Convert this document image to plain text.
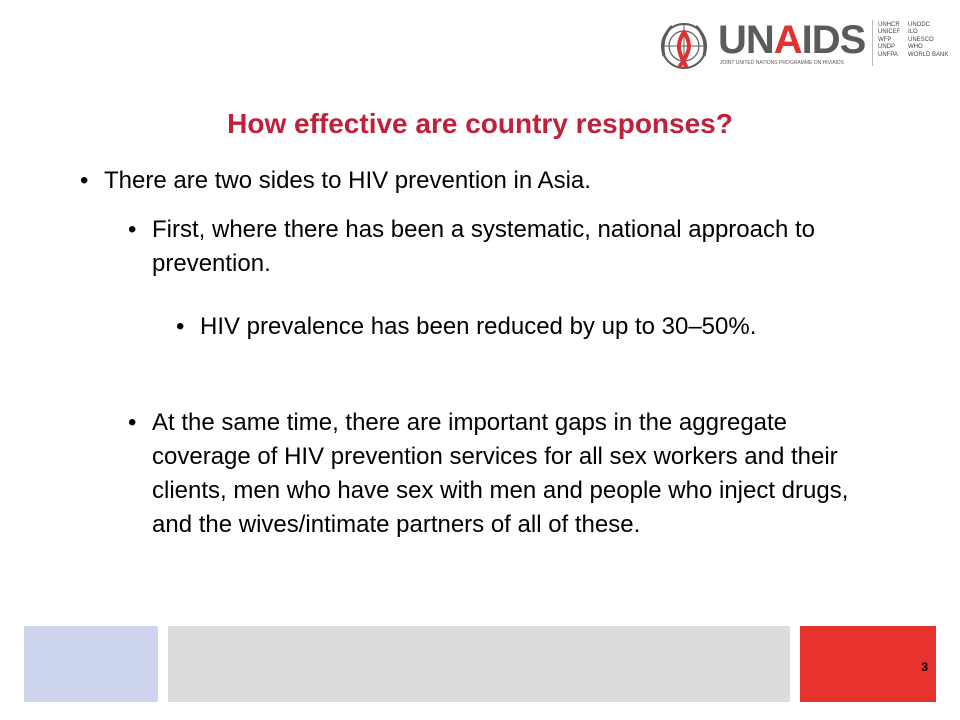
UNAIDS
JOINT UNITED NATIONS PROGRAMME ON HIV/AIDS
UNHCR
UNICEF
WFP
UNDP
UNFPA
UNODC
ILO
UNESCO
WHO
WORLD BANK
How effective are country responses?

• There are two sides to HIV prevention in Asia.

• First, where there has been a systematic, national approach to prevention.

• HIV prevalence has been reduced by up to 30–50%.

• At the same time, there are important gaps in the aggregate coverage of HIV prevention services for all sex workers and their clients, men who have sex with men and people who inject drugs, and the wives/intimate partners of all of these.

3
